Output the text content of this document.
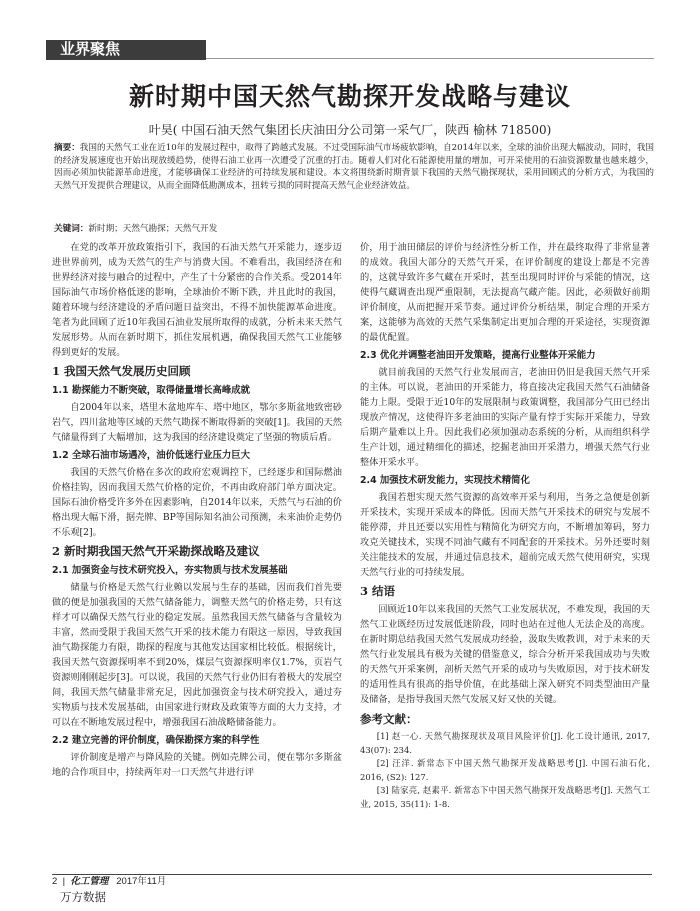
业界聚焦
新时期中国天然气勘探开发战略与建议
叶昊( 中国石油天然气集团长庆油田分公司第一采气厂，陕西 榆林 718500)
摘要：我国的天然气工业在近10年的发展过程中，取得了跨越式发展。不过受国际油气市场疲软影响，自2014年以来，全球的油价出现大幅波动，同时，我国的经济发展速度也开始出现放缓趋势，使得石油工业再一次遭受了沉重的打击。随着人们对化石能源使用量的增加，可开采使用的石油资源数量也越来越少，因而必须加快能源革命进度，才能够确保工业经济的可持续发展和建设。本文将围绕新时期背景下我国的天然气勘探现状，采用回顾式的分析方式，为我国的天然气开发提供合理建议，从而全面降低勘测成本，扭转亏损的同时提高天然气企业经济效益。
关键词：新时期；天然气勘探；天然气开发

在党的改革开放政策指引下，我国的石油天然气开采能力，逐步迈进世界前列，成为天然气的生产与消费大国。不难看出，我国经济在和世界经济对接与融合的过程中，产生了十分紧密的合作关系。受2014年国际油气市场价格低迷的影响，全球油价不断下跌，并且此时的我国，随着环境与经济建设的矛盾问题日益突出，不得不加快能源革命进度。笔者为此回顾了近10年我国石油业发展所取得的成就，分析未来天然气发展形势。从而在新时期下，抓住发展机遇，确保我国天然气工业能够得到更好的发展。

1 我国天然气发展历史回顾
1.1 勘探能力不断突破，取得储量增长高峰成就

自2004年以来，塔里木盆地库车、塔中地区，鄂尔多斯盆地致密砂岩气，四川盆地等区域的天然气勘探不断取得新的突破[1]。我国的天然气储量得到了大幅增加，这为我国的经济建设奠定了坚强的物质后盾。

1.2 全球石油市场遇冷，油价低迷行业压力巨大

我国的天然气价格在多次的政府宏观调控下，已经逐步和国际燃油价格挂钩，因而我国天然气价格的定价，不再由政府部门单方面决定。国际石油价格受许多外在因素影响，自2014年以来，天然气与石油的价格出现大幅下滑，据壳牌、BP等国际知名油公司预测，未来油价走势仍不乐观[2]。

2 新时期我国天然气开采勘探战略及建议
2.1 加强资金与技术研究投入，夯实物质与技术发展基础

储量与价格是天然气行业赖以发展与生存的基础，因而我们首先要做的便是加强我国的天然气储备能力，调整天然气的价格走势，只有这样才可以确保天然气行业的稳定发展。虽然我国天然气储备与含量较为丰富，然而受限于我国天然气开采的技术能力有限这一原因，导致我国油气勘探能力有限，勘探的程度与其他发达国家相比较低。根据统计，我国天然气资源探明率不到20%，煤层气资源探明率仅1.7%，页岩气资源则刚刚起步[3]。可以说，我国的天然气行业仍旧有着极大的发展空间，我国天然气储量非常充足，因此加强资金与技术研究投入，通过夯实物质与技术发展基础，由国家进行财政及政策等方面的大力支持，才可以在不断地发展过程中，增强我国石油战略储备能力。

2.2 建立完善的评价制度，确保勘探方案的科学性

评价制度是增产与降风险的关键。例如壳牌公司，便在鄂尔多斯盆地的合作项目中，持续两年对一口天然气井进行评

价，用于油田储层的评价与经济性分析工作，并在最终取得了非常显著的成效。我国大部分的天然气开采，在评价制度的建设上都是不完善的，这就导致许多气藏在开采时，甚至出现同时评价与采能的情况，这使得气藏调查出现严重限制，无法提高气藏产能。因此，必须做好前期评价制度，从而把握开采节奏。通过评价分析结果，制定合理的开采方案，这能够为高效的天然气采集制定出更加合理的开采途径，实现资源的最优配置。

2.3 优化并调整老油田开发策略，提高行业整体开采能力

就目前我国的天然气行业发展而言，老油田仍旧是我国天然气开采的主体。可以说，老油田的开采能力，将直接决定我国天然气石油储备能力上限。受限于近10年的发展限制与政策调整，我国部分气田已经出现放产情况，这使得许多老油田的实际产量有悖于实际开采能力，导致后期产量难以上升。因此我们必须加强动态系统的分析，从而组织科学生产计划，通过精细化的描述，挖掘老油田开采潜力，增强天然气行业整体开采水平。

2.4 加强技术研发能力，实现技术精简化

我国若想实现天然气资源的高效率开采与利用，当务之急便是创新开采技术，实现开采成本的降低。因而天然气开采技术的研究与发展不能停滞，并且还要以实用性与精简化为研究方向，不断增加筹码，努力攻克关键技术，实现不同油气藏有不同配套的开采技术。另外还要时刻关注能技术的发展，并通过信息技术，超前完成天然气使用研究，实现天然气行业的可持续发展。

3 结语

回顾近10年以来我国的天然气工业发展状况，不难发现，我国的天然气工业既经历过发展低迷阶段，同时也站在过他人无法企及的高度。在新时期总结我国天然气发展成功经验，汲取失败教训，对于未来的天然气行业发展具有极为关键的借鉴意义，综合分析开采我国成功与失败的天然气开采案例，剖析天然气开采的成功与失败原因，对于技术研发的适用性具有很高的指导价值，在此基础上深入研究不同类型油田产量及储备，是指导我国天然气发展又好又快的关键。

参考文献：

[1] 赵一心. 天然气勘探现状及项目风险评价[J]. 化工设计通讯, 2017, 43(07): 234.

[2] 汪洋. 新常态下中国天然气勘探开发战略思考[J]. 中国石油石化, 2016, (S2): 127.

[3] 陆家亮, 赵素平. 新常态下中国天然气勘探开发战略思考[J]. 天然气工业, 2015, 35(11): 1-8.

2 | 化工管理 2017年11月
万方数据
